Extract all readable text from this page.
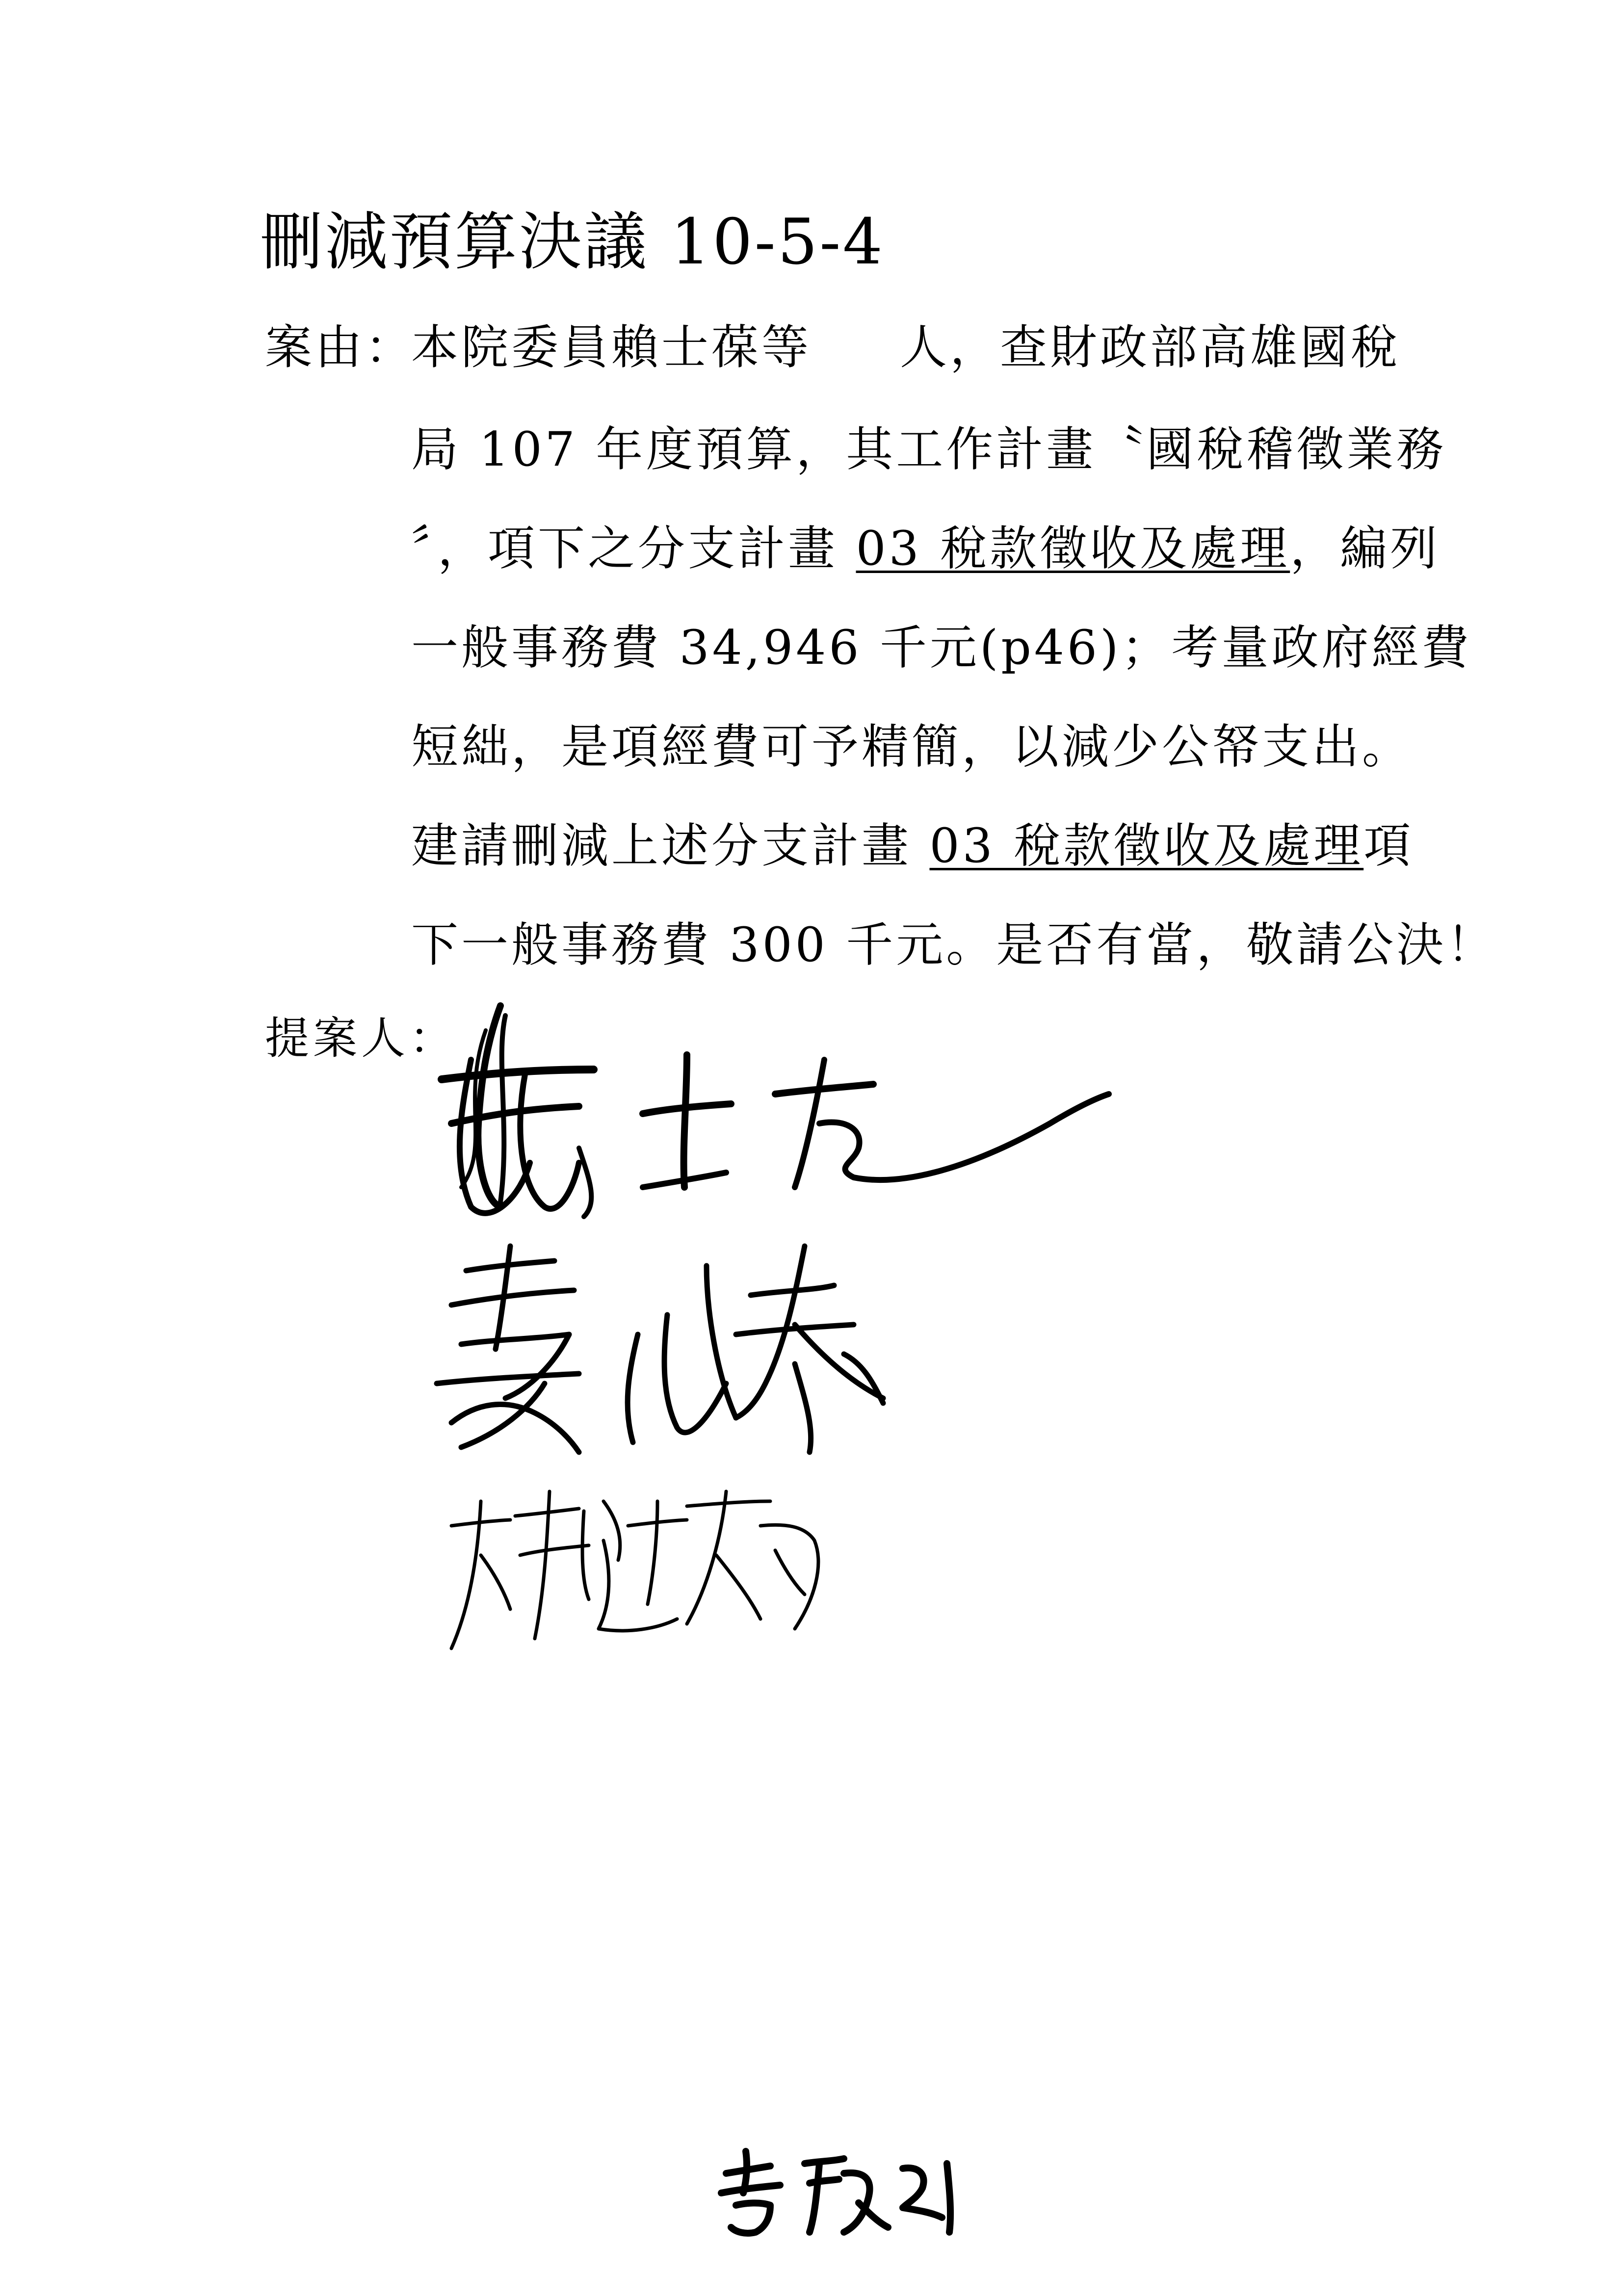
刪減預算決議 10-5-4
案由：
本院委員賴士葆等 人，查財政部高雄國稅
局 107 年度預算，其工作計畫〝國稅稽徵業務
〞，項下之分支計畫 03 稅款徵收及處理，編列
一般事務費 34,946 千元(p46)；考量政府經費
短絀，是項經費可予精簡，以減少公帑支出。
建請刪減上述分支計畫 03 稅款徵收及處理項
下一般事務費 300 千元。是否有當，敬請公決！
提案人：
